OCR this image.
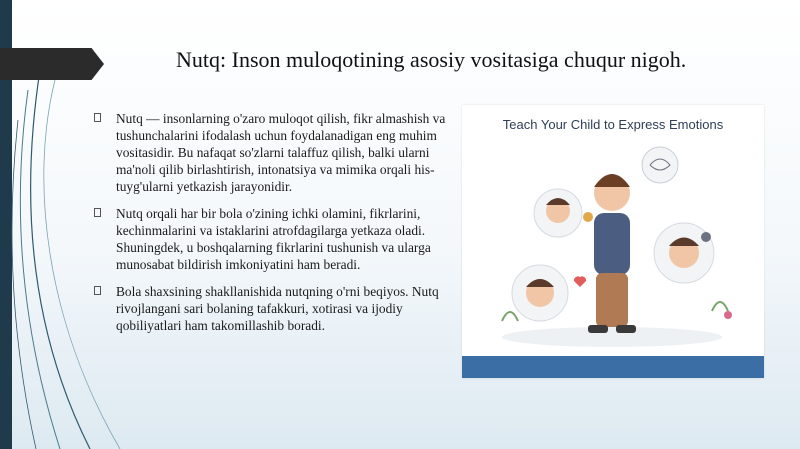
Nutq: Inson muloqotining asosiy vositasiga chuqur nigoh.
Nutq — insonlarning o'zaro muloqot qilish, fikr almashish va tushunchalarini ifodalash uchun foydalanadigan eng muhim vositasidir. Bu nafaqat so'zlarni talaffuz qilish, balki ularni ma'noli qilib birlashtirish, intonatsiya va mimika orqali his-tuyg'ularni yetkazish jarayonidir.
Nutq orqali har bir bola o'zining ichki olamini, fikrlarini, kechinmalarini va istaklarini atrofdagilarga yetkaza oladi. Shuningdek, u boshqalarning fikrlarini tushunish va ularga munosabat bildirish imkoniyatini ham beradi.
Bola shaxsining shakllanishida nutqning o'rni beqiyos. Nutq rivojlangani sari bolaning tafakkuri, xotirasi va ijodiy qobiliyatlari ham takomillashib boradi.
Teach Your Child to Express Emotions
